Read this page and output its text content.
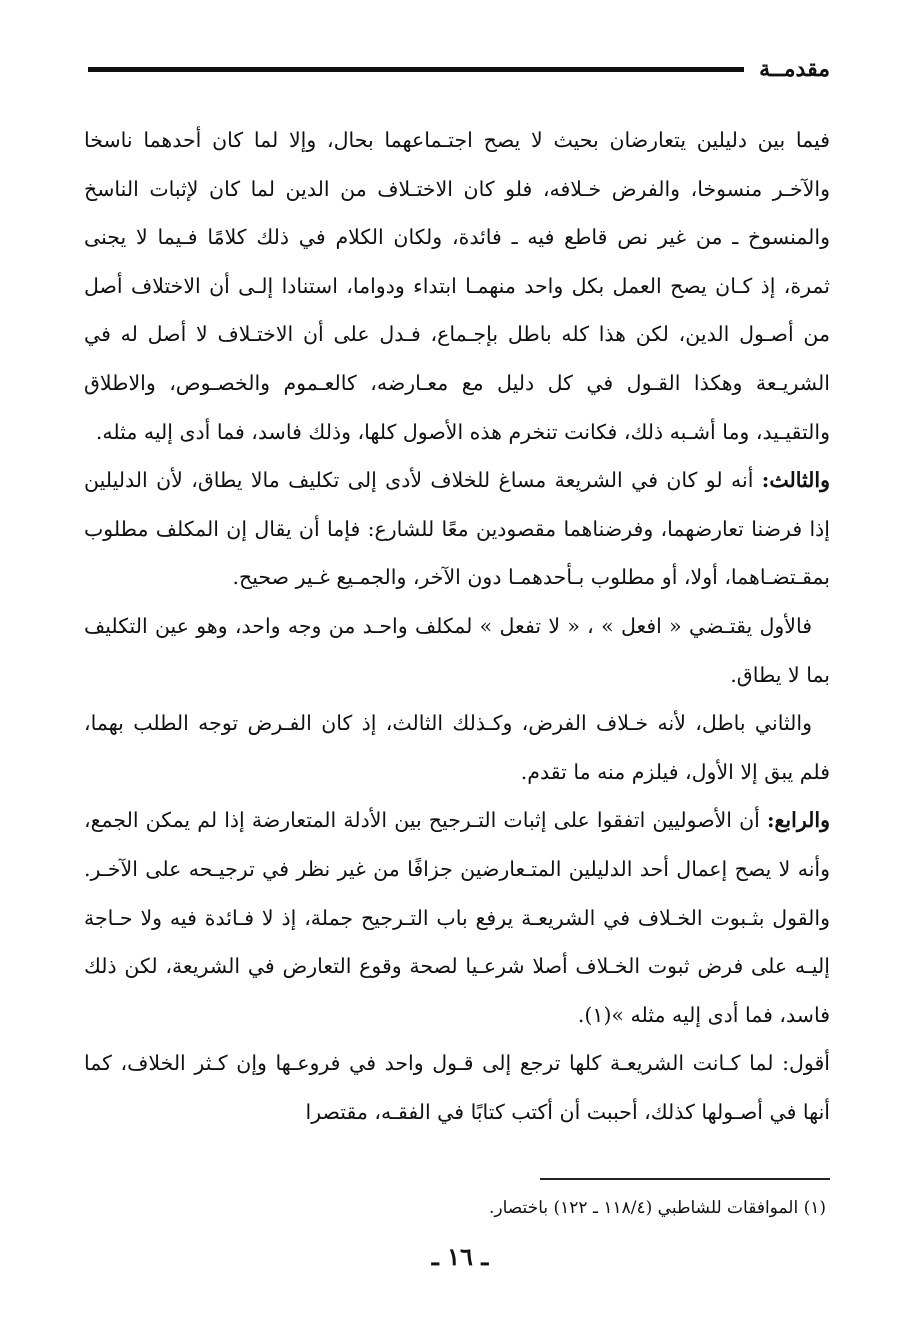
مقدمــة

فيما بين دليلين يتعارضان بحيث لا يصح اجتـماعهما بحال، وإلا لما كان أحدهما ناسخا والآخـر منسوخا، والفرض خـلافه، فلو كان الاختـلاف من الدين لما كان لإثبات الناسخ والمنسوخ ـ من غير نص قاطع فيه ـ فائدة، ولكان الكلام في ذلك كلامًا فـيما لا يجنى ثمرة، إذ كـان يصح العمل بكل واحد منهمـا ابتداء ودواما، استنادا إلـى أن الاختلاف أصل من أصـول الدين، لكن هذا كله باطل بإجـماع، فـدل على أن الاختـلاف لا أصل له في الشريـعة وهكذا القـول في كل دليل مع معـارضه، كالعـموم والخصـوص، والاطلاق والتقيـيد، وما أشـبه ذلك، فكانت تنخرم هذه الأصول كلها، وذلك فاسد، فما أدى إليه مثله.

والثالث: أنه لو كان في الشريعة مساغ للخلاف لأدى إلى تكليف مالا يطاق، لأن الدليلين إذا فرضنا تعارضهما، وفرضناهما مقصودين معًا للشارع: فإما أن يقال إن المكلف مطلوب بمقـتضـاهما، أولا، أو مطلوب بـأحدهمـا دون الآخر، والجمـيع غـير صحيح.

فالأول يقتـضي « افعل » ، « لا تفعل » لمكلف واحـد من وجه واحد، وهو عين التكليف بما لا يطاق.

والثاني باطل، لأنه خـلاف الفرض، وكـذلك الثالث، إذ كان الفـرض توجه الطلب بهما، فلم يبق إلا الأول، فيلزم منه ما تقدم.

والرابع: أن الأصوليين اتفقوا على إثبات التـرجيح بين الأدلة المتعارضة إذا لم يمكن الجمع، وأنه لا يصح إعمال أحد الدليلين المتـعارضين جزافًا من غير نظر في ترجيـحه على الآخـر. والقول بثـبوت الخـلاف في الشريعـة يرفع باب التـرجيح جملة، إذ لا فـائدة فيه ولا حـاجة إليـه على فرض ثبوت الخـلاف أصلا شرعـيا لصحة وقوع التعارض في الشريعة، لكن ذلك فاسد، فما أدى إليه مثله »(١).

أقول: لما كـانت الشريعـة كلها ترجع إلى قـول واحد في فروعـها وإن كـثر الخلاف، كما أنها في أصـولها كذلك، أحببت أن أكتب كتابًا في الفقـه، مقتصرا

(١) الموافقات للشاطبي (١١٨/٤ ـ ١٢٢) باختصار.
ـ ١٦ ـ
